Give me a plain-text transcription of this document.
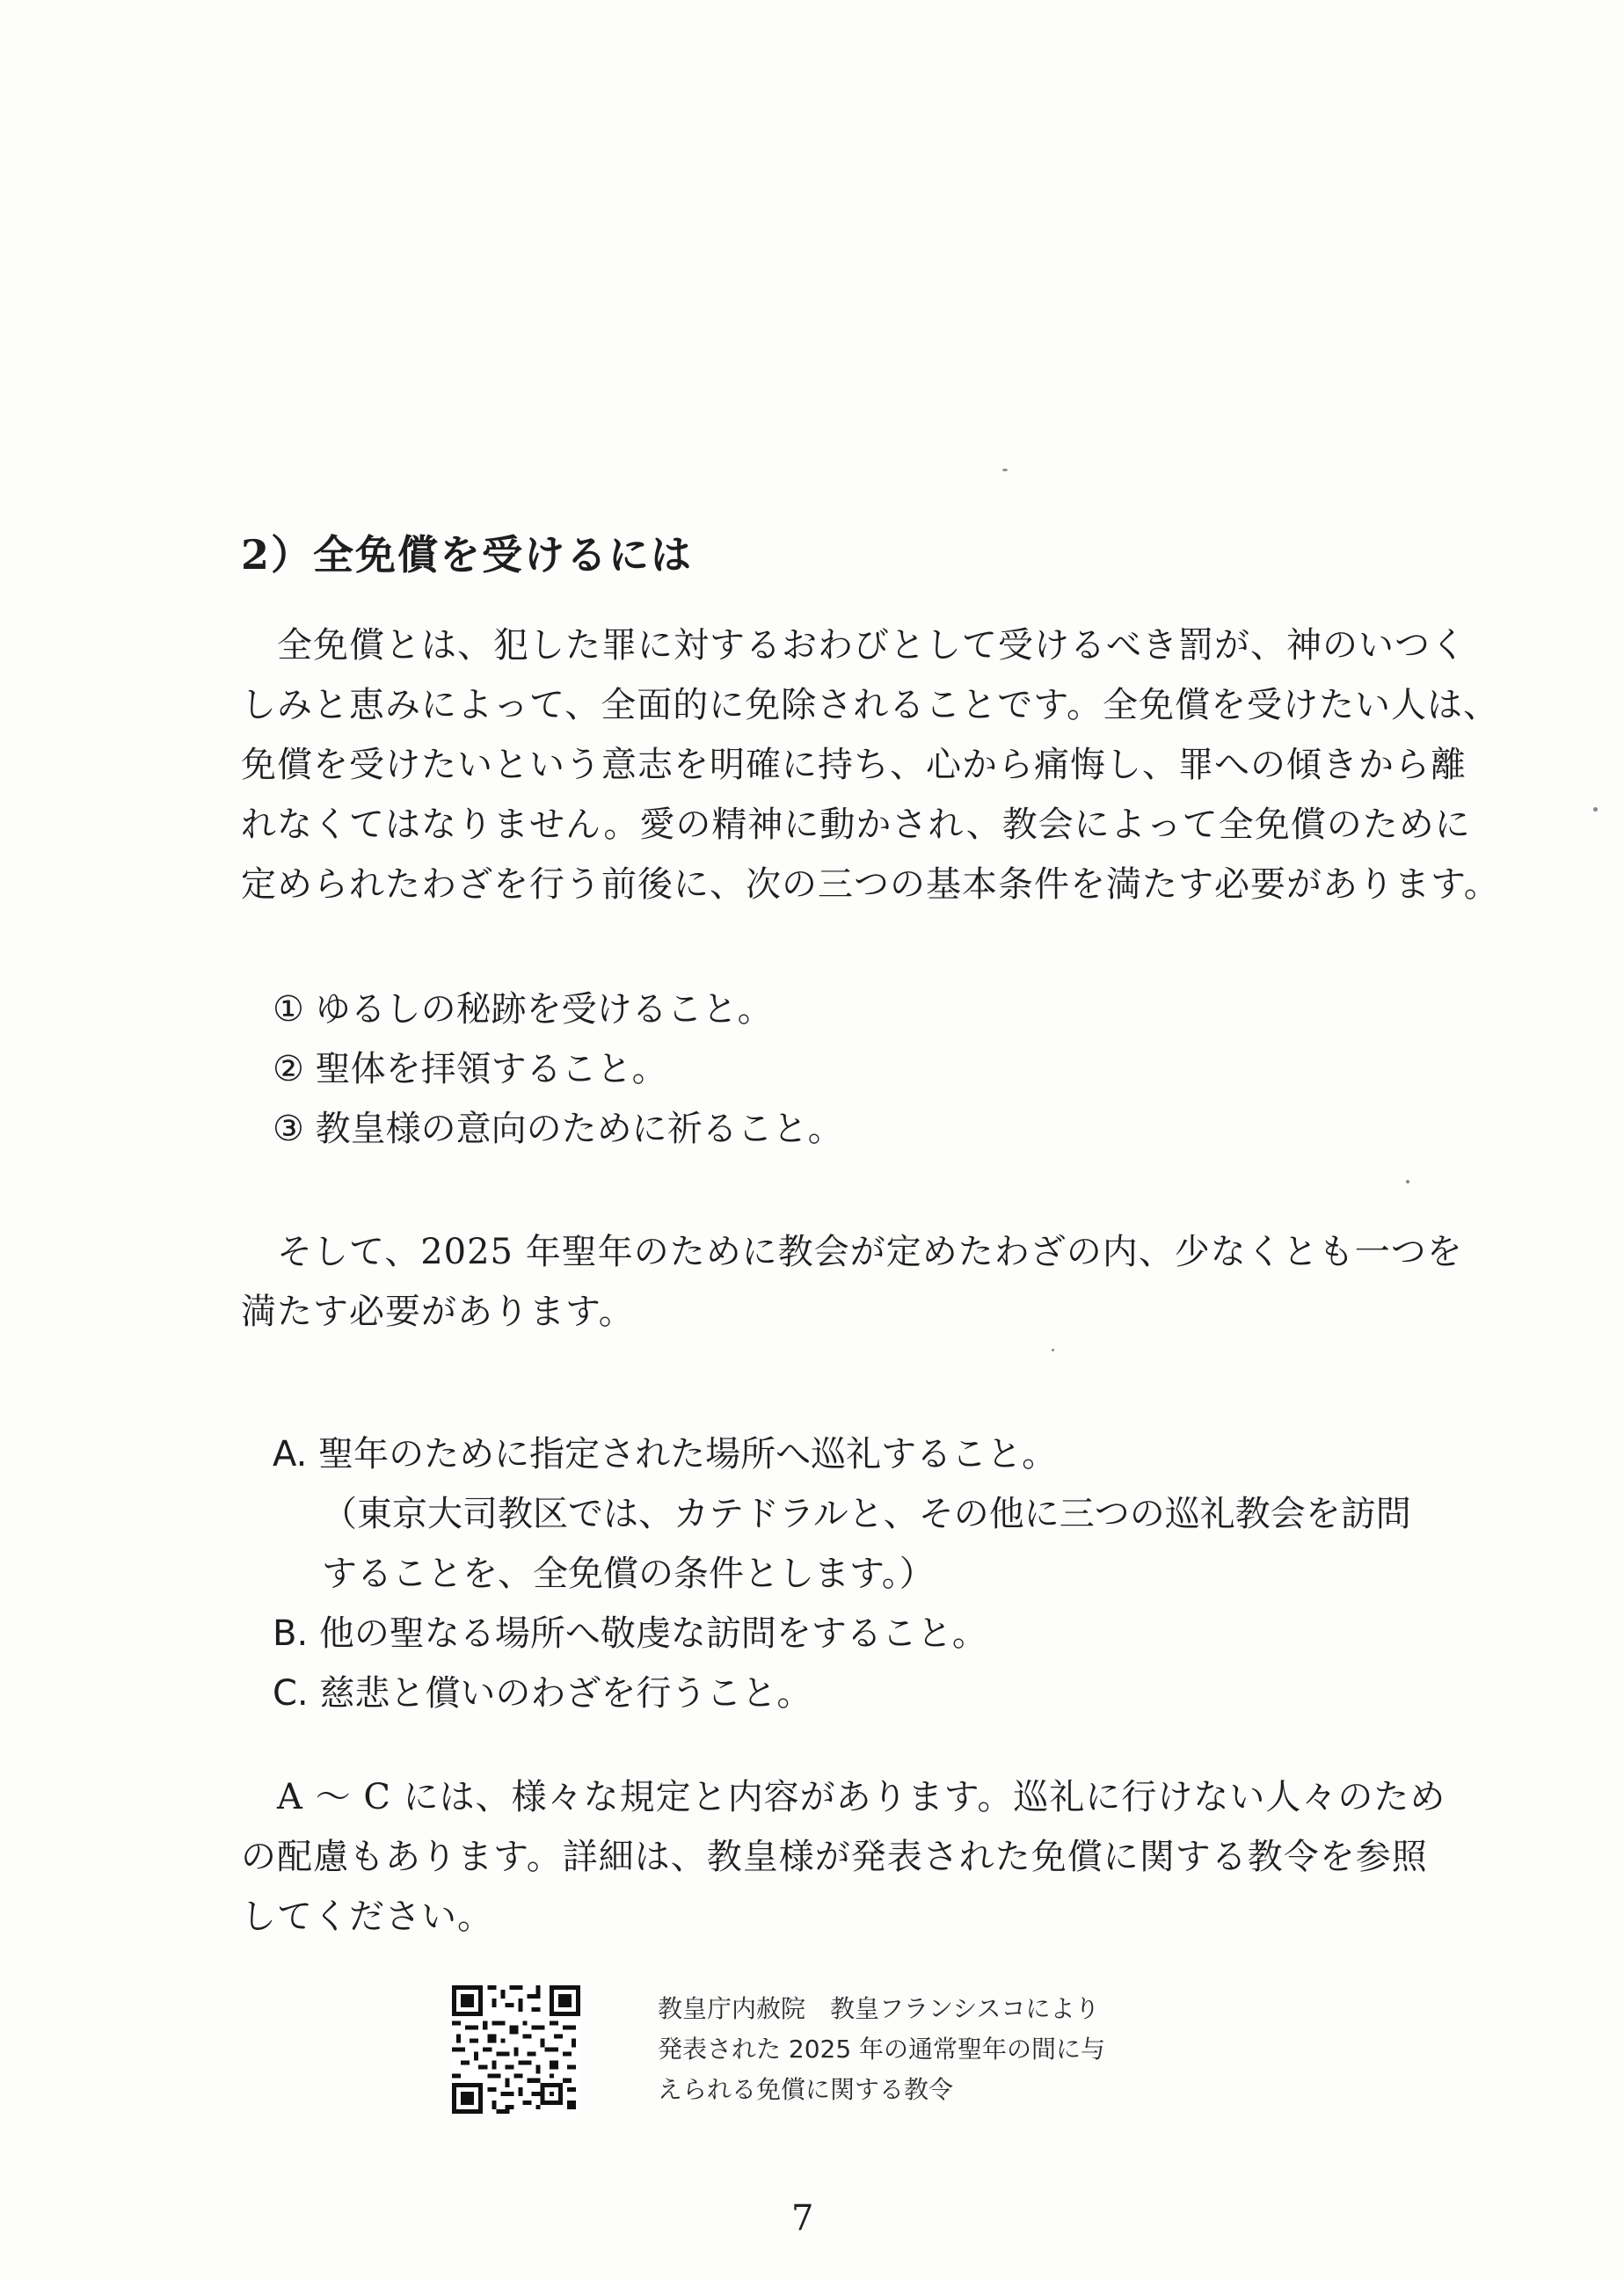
2）全免償を受けるには

　全免償とは、犯した罪に対するおわびとして受けるべき罰が、神のいつく

しみと恵みによって、全面的に免除されることです。全免償を受けたい人は、

免償を受けたいという意志を明確に持ち、心から痛悔し、罪への傾きから離

れなくてはなりません。愛の精神に動かされ、教会によって全免償のために

定められたわざを行う前後に、次の三つの基本条件を満たす必要があります。

① ゆるしの秘跡を受けること。
② 聖体を拝領すること。
③ 教皇様の意向のために祈ること。

　そして、2025 年聖年のために教会が定めたわざの内、少なくとも一つを

満たす必要があります。

A. 聖年のために指定された場所へ巡礼すること。
（東京大司教区では、カテドラルと、その他に三つの巡礼教会を訪問
することを、全免償の条件とします。）
B. 他の聖なる場所へ敬虔な訪問をすること。
C. 慈悲と償いのわざを行うこと。

　A ～ C には、様々な規定と内容があります。巡礼に行けない人々のため

の配慮もあります。詳細は、教皇様が発表された免償に関する教令を参照

してください。

教皇庁内赦院　教皇フランシスコにより
発表された 2025 年の通常聖年の間に与
えられる免償に関する教令
7
